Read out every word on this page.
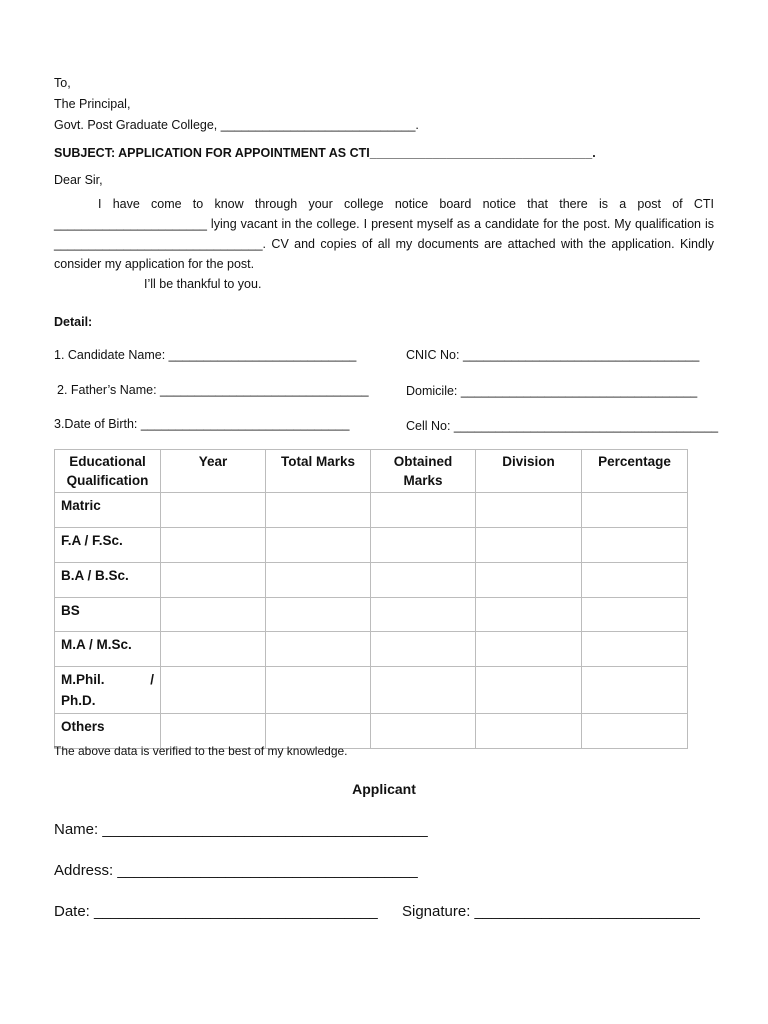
To,
The Principal,
Govt. Post Graduate College, ____________________________.
SUBJECT: APPLICATION FOR APPOINTMENT AS CTI________________________________.
Dear Sir,
I have come to know through your college notice board notice that there is a post of CTI ______________________ lying vacant in the college. I present myself as a candidate for the post. My qualification is ______________________________. CV and copies of all my documents are attached with the application. Kindly consider my application for the post.
I’ll be thankful to you.
Detail:
1. Candidate Name: ___________________________	CNIC No: __________________________________
2. Father’s Name: ______________________________	Domicile: __________________________________
3.Date of Birth: ______________________________	Cell No: ______________________________________
Educational Qualification	Year	Total Marks	Obtained Marks	Division	Percentage
Matric					
F.A / F.Sc.					
B.A / B.Sc.					
BS					
M.A / M.Sc.					

M.Phil. /
Ph.D.					

Others					
The above data is verified to the best of my knowledge.
Applicant
Name: _______________________________________
Address: ____________________________________
Date: __________________________________ Signature: ___________________________
